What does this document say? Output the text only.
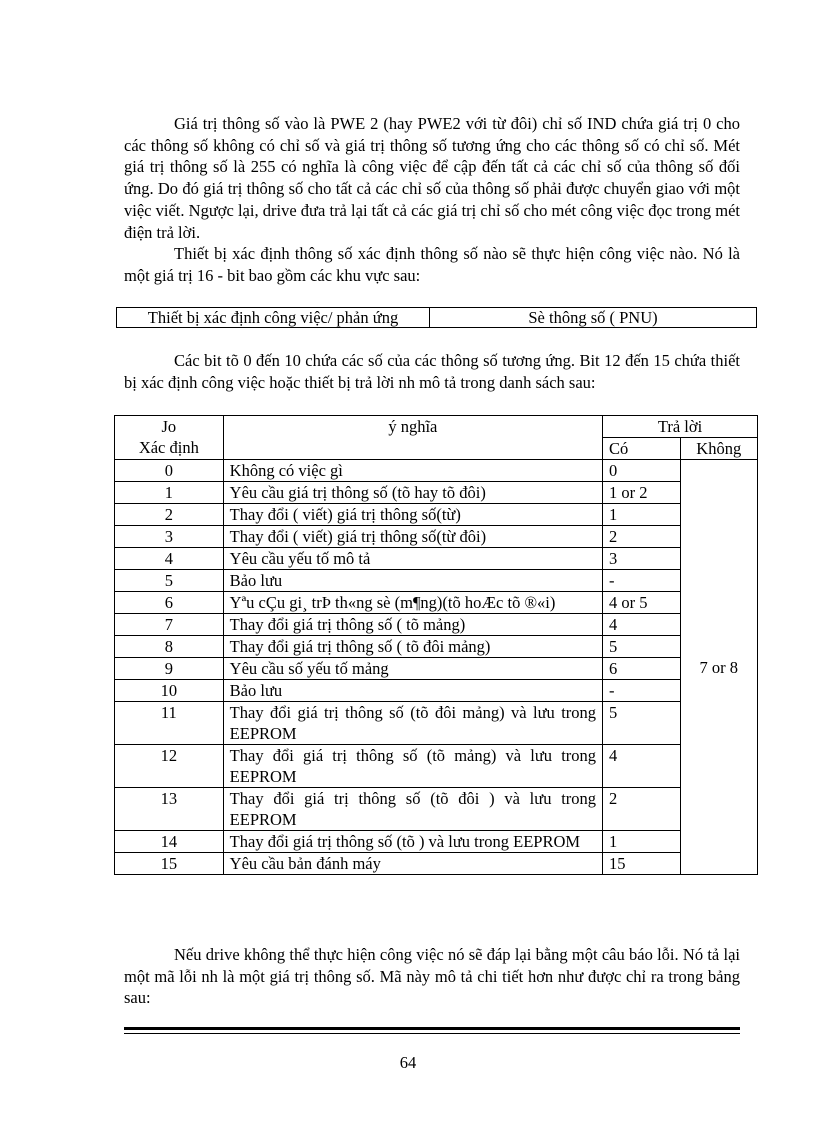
Giá trị thông số vào là PWE 2 (hay PWE2 với từ đôi) chỉ số IND chứa giá trị 0 cho các thông số không có chỉ số và giá trị thông số tương ứng cho các thông số có chỉ số. Mét giá trị thông số là 255 có nghĩa là công việc để cập đến tất cả các chỉ số của thông số đối ứng. Do đó giá trị thông số cho tất cả các chỉ số của thông số phải được chuyển giao với một việc viết. Ngược lại, drive đưa trả lại tất cả các giá trị chỉ số cho mét công việc đọc trong mét điện trả lời.

Thiết bị xác định thông số xác định thông số nào sẽ thực hiện công việc nào. Nó là một giá trị 16 - bit bao gồm các khu vực sau:

Thiết bị xác định công việc/ phản ứng	Sè thông số ( PNU)

Các bit tõ 0 đến 10 chứa các số của các thông số tương ứng. Bit 12 đến 15 chứa thiết bị xác định công việc hoặc thiết bị trả lời nh mô tả trong danh sách sau:

Jo
Xác định	ý nghĩa	Trả lời	
		Có	Không
0	Không có việc gì	0	7 or 8
1	Yêu cầu giá trị thông số (tõ hay tõ đôi)	1 or 2	
2	Thay đổi ( viết) giá trị thông số(từ)	1	
3	Thay đổi ( viết) giá trị thông số(từ đôi)	2	
4	Yêu cầu yếu tố mô tả	3	
5	Bảo lưu	-	
6	Yªu cÇu gi¸ trÞ th«ng sè (m¶ng)(tõ hoÆc tõ ®«i)	4 or 5	
7	Thay đổi giá trị thông số ( tõ mảng)	4	
8	Thay đổi giá trị thông số ( tõ đôi mảng)	5	
9	Yêu cầu số yếu tố mảng	6	
10	Bảo lưu	-	
11	Thay đổi giá trị thông số (tõ đôi mảng) và lưu trong EEPROM	5	
12	Thay đổi giá trị thông số (tõ mảng) và lưu trong EEPROM	4	
13	Thay đổi giá trị thông số (tõ đôi ) và lưu trong EEPROM	2	
14	Thay đổi giá trị thông số (tõ ) và lưu trong EEPROM	1	
15	Yêu cầu bản đánh máy	15	

Nếu drive không thể thực hiện công việc nó sẽ đáp lại bằng một câu báo lỗi. Nó tả lại một mã lỗi nh là một giá trị thông số. Mã này mô tả chi tiết hơn như được chỉ ra trong bảng sau:

64
